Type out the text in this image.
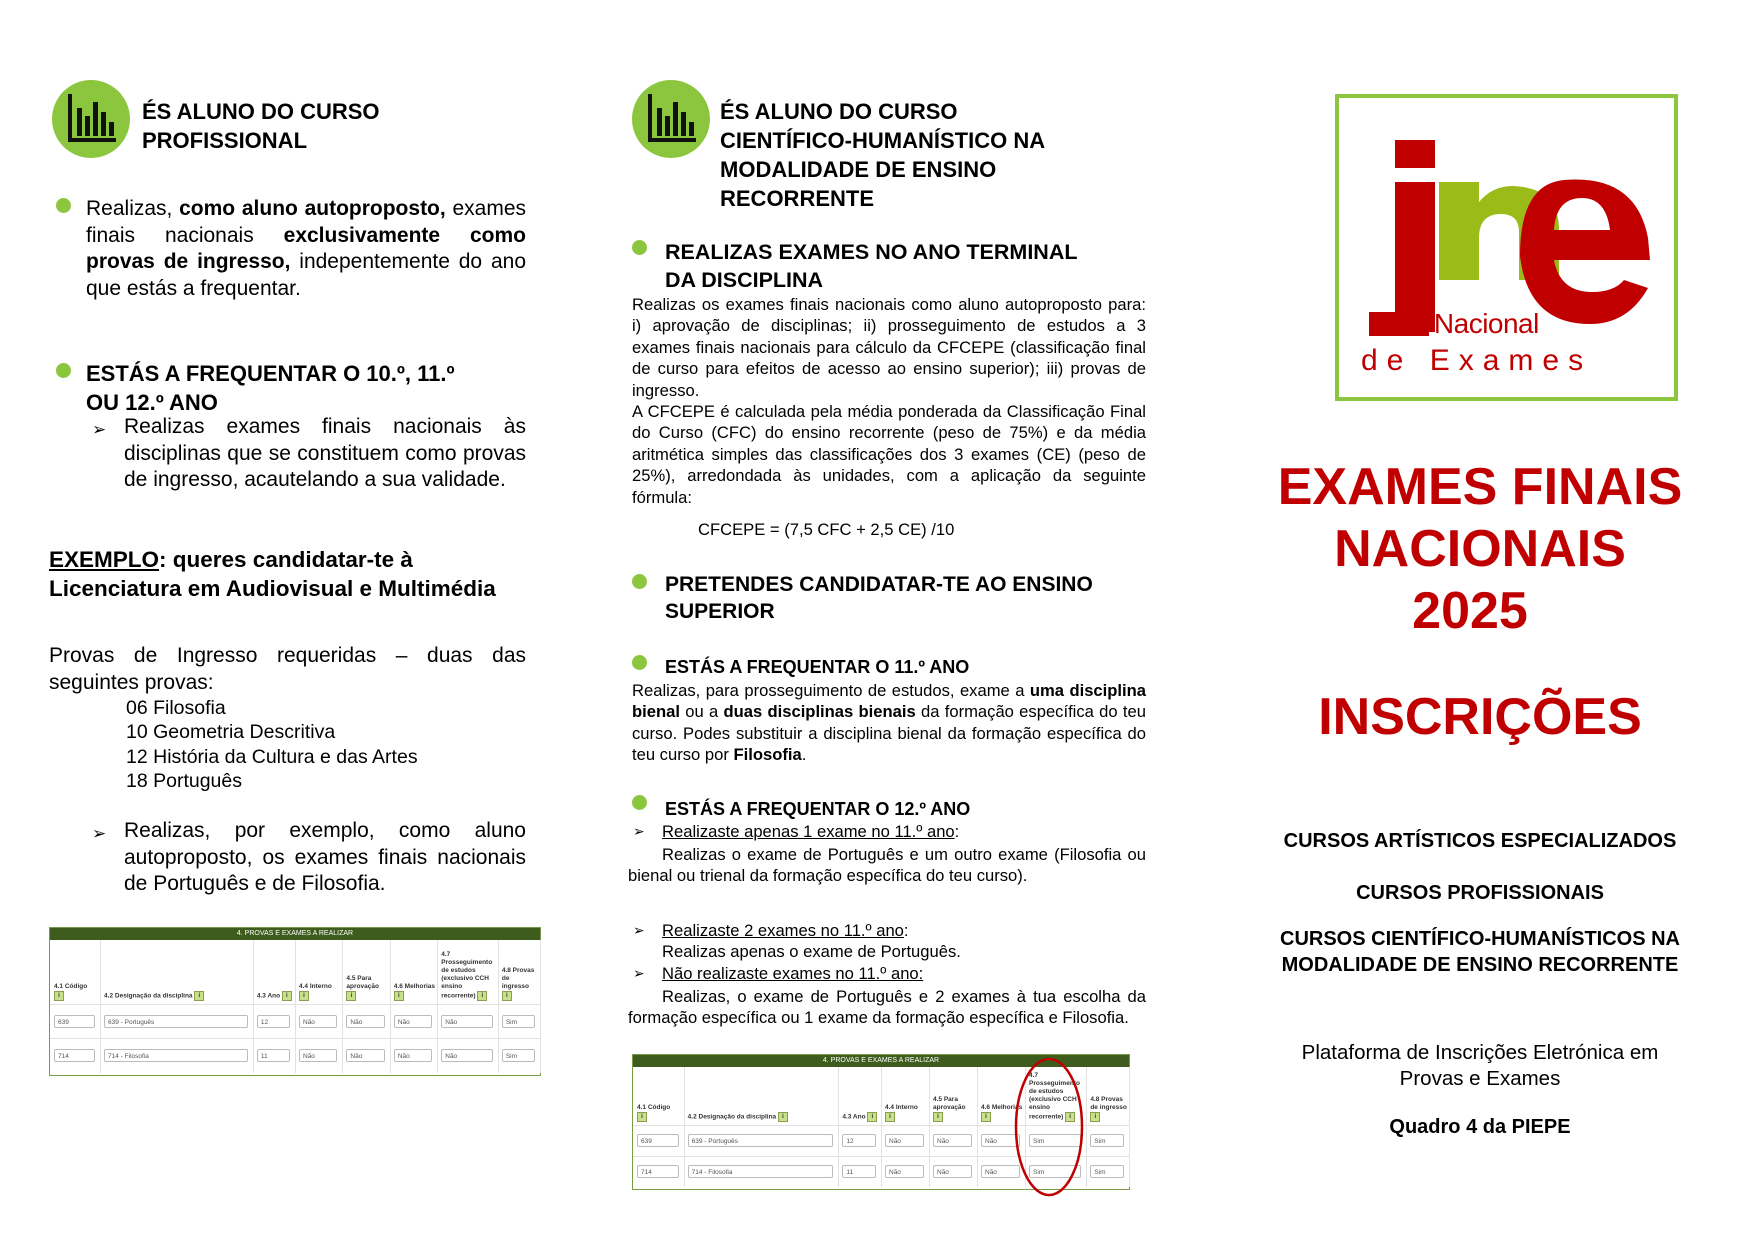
ÉS ALUNO DO CURSO
PROFISSIONAL
Realizas, como aluno autoproposto, exames finais nacionais exclusivamente como provas de ingresso, indepentemente do ano que estás a frequentar.
ESTÁS A FREQUENTAR O 10.º, 11.º
OU 12.º ANO
➢ Realizas exames finais nacionais às disciplinas que se constituem como provas de ingresso, acautelando a sua validade.
EXEMPLO: queres candidatar-te à Licenciatura em Audiovisual e Multimédia
Provas de Ingresso requeridas – duas das seguintes provas:
06 Filosofia
10 Geometria Descritiva
12 História da Cultura e das Artes
18 Português
➢ Realizas, por exemplo, como aluno autoproposto, os exames finais nacionais de Português e de Filosofia.
4. PROVAS E EXAMES A REALIZAR
4.1 Código i
639
714
4.2 Designação da disciplina i
639 - Português
714 - Filosofia
4.3 Ano i
12
11
4.4 Interno i
Não
Não
4.5 Para aprovação i
Não
Não
4.6 Melhorias i
Não
Não
4.7 Prosseguimento de estudos (exclusivo CCH ensino recorrente) i
Não
Não
4.8 Provas de ingresso i
Sim
Sim
ÉS ALUNO DO CURSO
CIENTÍFICO-HUMANÍSTICO NA
MODALIDADE DE ENSINO
RECORRENTE
REALIZAS EXAMES NO ANO TERMINAL
DA DISCIPLINA
Realizas os exames finais nacionais como aluno autoproposto para: i) aprovação de disciplinas; ii) prosseguimento de estudos a 3 exames finais nacionais para cálculo da CFCEPE (classificação final de curso para efeitos de acesso ao ensino superior); iii) provas de ingresso.
A CFCEPE é calculada pela média ponderada da Classificação Final do Curso (CFC) do ensino recorrente (peso de 75%) e da média aritmética simples das classificações dos 3 exames (CE) (peso de 25%), arredondada às unidades, com a aplicação da seguinte fórmula:
CFCEPE = (7,5 CFC + 2,5 CE) /10
PRETENDES CANDIDATAR-TE AO ENSINO
SUPERIOR
ESTÁS A FREQUENTAR O 11.º ANO
Realizas, para prosseguimento de estudos, exame a uma disciplina bienal ou a duas disciplinas bienais da formação específica do teu curso. Podes substituir a disciplina bienal da formação específica do teu curso por Filosofia.
ESTÁS A FREQUENTAR O 12.º ANO
➢ Realizaste apenas 1 exame no 11.º ano:
Realizas o exame de Português e um outro exame (Filosofia ou bienal ou trienal da formação específica do teu curso).
➢ Realizaste 2 exames no 11.º ano:
Realizas apenas o exame de Português.
➢ Não realizaste exames no 11.º ano:
Realizas, o exame de Português e 2 exames à tua escolha da formação específica ou 1 exame da formação específica e Filosofia.
4. PROVAS E EXAMES A REALIZAR
4.1 Código i
639
714
4.2 Designação da disciplina i
639 - Português
714 - Filosofia
4.3 Ano i
12
11
4.4 Interno i
Não
Não
4.5 Para aprovação i
Não
Não
4.6 Melhorias i
Não
Não
4.7 Prosseguimento de estudos (exclusivo CCH ensino recorrente) i
Sim
Sim
4.8 Provas de ingresso i
Sim
Sim
úri Nacional
de Exames
EXAMES FINAIS
NACIONAIS
2025
INSCRIÇÕES
CURSOS ARTÍSTICOS ESPECIALIZADOS
CURSOS PROFISSIONAIS
CURSOS CIENTÍFICO-HUMANÍSTICOS NA
MODALIDADE DE ENSINO RECORRENTE
Plataforma de Inscrições Eletrónica em
Provas e Exames
Quadro 4 da PIEPE
